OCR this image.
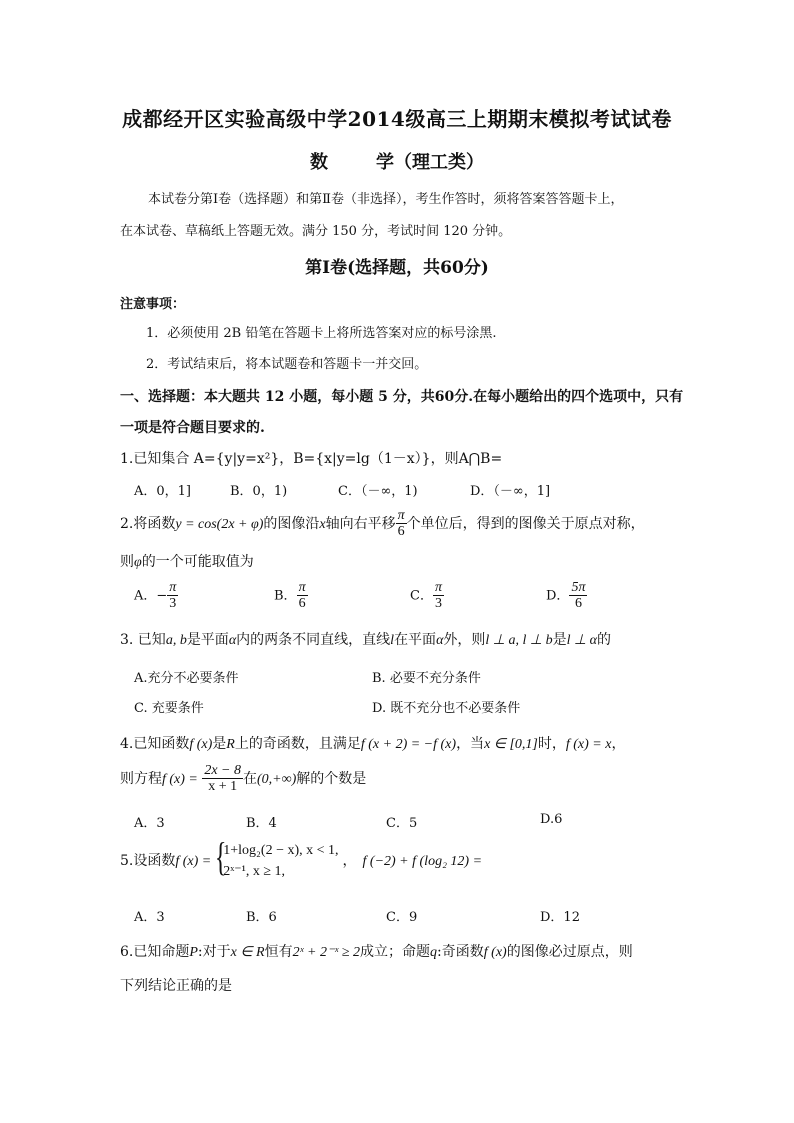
成都经开区实验高级中学2014级高三上期期末模拟考试试卷
数	学（理工类）
本试卷分第Ⅰ卷（选择题）和第Ⅱ卷（非选择），考生作答时，须将答案答答题卡上，
在本试卷、草稿纸上答题无效。满分 150 分，考试时间 120 分钟。
第Ⅰ卷(选择题，共60分)
注意事项：
1．必须使用 2B 铅笔在答题卡上将所选答案对应的标号涂黑.
2．考试结束后，将本试题卷和答题卡一并交回。
一、选择题：本大题共 12 小题，每小题 5 分，共60分.在每小题给出的四个选项中，只有
一项是符合题目要求的.
1.已知集合 A={y|y=x²}，B={x|y=lg（1－x）}，则A⋂B=
A．0，1]	B．0，1)	C．（－∞，1)	D．（－∞，1]
2.将函数y = cos(2x + φ)的图像沿x轴向右平移 $\frac{\pi}{6}$ 个单位后，得到的图像关于原点对称，
则φ的一个可能取值为
A．− $\frac{\pi}{3}$	B． $\frac{\pi}{6}$	C． $\frac{\pi}{3}$	D． $\frac{5\pi}{6}$
3. 已知a, b是平面α内的两条不同直线，直线l在平面α外，则l ⊥ a, l ⊥ b是l ⊥ α的
A.充分不必要条件	B. 必要不充分条件
C. 充要条件	D. 既不充分也不必要条件
4.已知函数f (x)是R上的奇函数，且满足f (x + 2) = −f (x)，当x ∈ [0,1]时，f (x) = x，
则方程f $(x) = \frac{2x - 8}{x + 1}$ 在(0,+∞)解的个数是
A．3	B．4	C．5	D.6
5.设函数f (x) = {
1+log₂(2 − x), x < 1,
2ˣ⁻¹, x ≥ 1,
， f (−2) + f (log₂ 12) =
A．3	B．6	C．9	D．12
6.已知命题P:对于x ∈ R恒有2ˣ + 2⁻ˣ ≥ 2成立；命题q:奇函数f (x)的图像必过原点，则
下列结论正确的是
